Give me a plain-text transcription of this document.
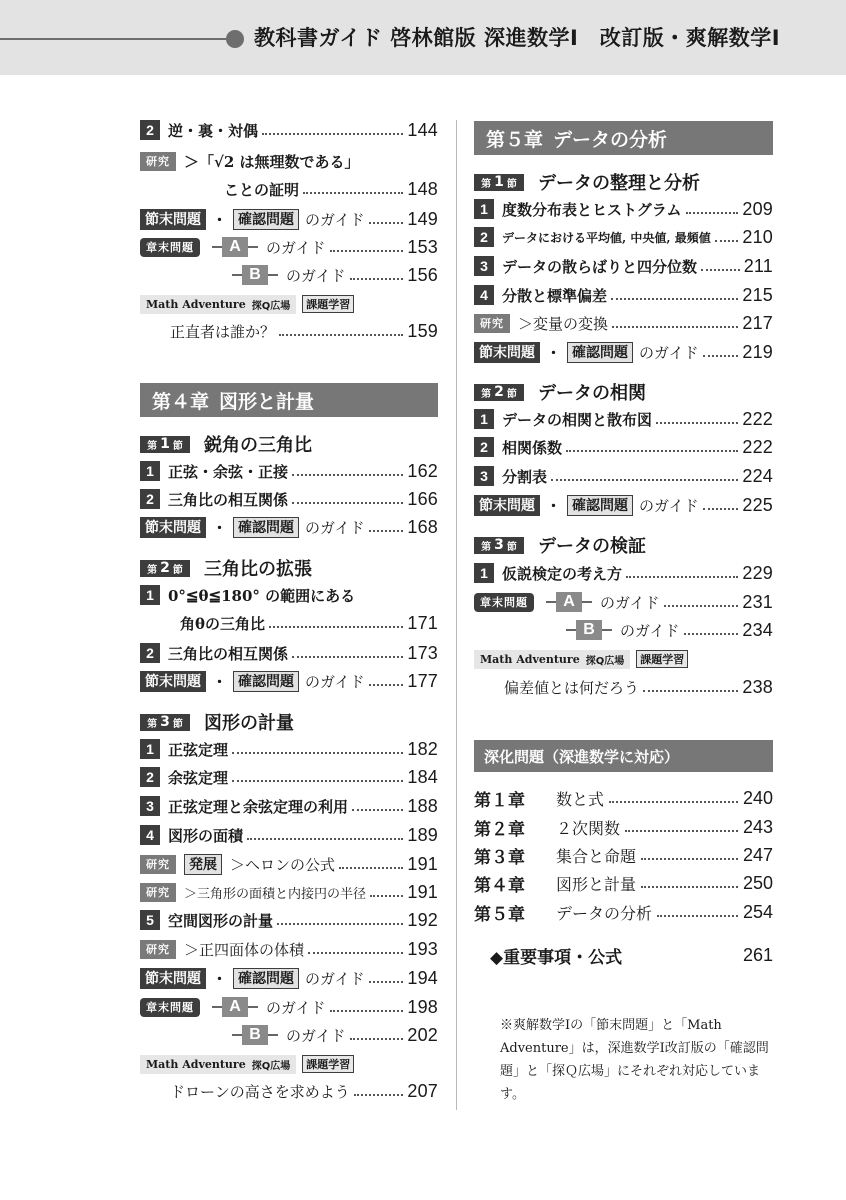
教科書ガイド 啓林館版 深進数学Ⅰ　改訂版・爽解数学Ⅰ
2 逆・裏・対偶	144
研究 ＞「√2 は無理数である」
ことの証明	148
節末問題 ・ 確認問題 のガイド 149
章末問題	A	のガイド	153
B	のガイド	156
Math Adventure 探Q広場	課題学習
正直者は誰か？	159
第４章 図形と計量
第 1 節 鋭角の三角比
1 正弦・余弦・正接	162
2 三角比の相互関係	166
節末問題 ・ 確認問題 のガイド 168
第 2 節 三角比の拡張
1 0°≦θ≦180° の範囲にある
角θの三角比	171
2 三角比の相互関係	173
節末問題 ・ 確認問題 のガイド 177
第 3 節 図形の計量
1 正弦定理	182
2 余弦定理	184
3 正弦定理と余弦定理の利用	188
4 図形の面積	189
研究	発展 ＞ヘロンの公式	191
研究	＞三角形の面積と内接円の半径 191
5 空間図形の計量	192
研究 ＞正四面体の体積	193
節末問題 ・ 確認問題 のガイド 194
章末問題	A	のガイド	198
B	のガイド	202
Math Adventure 探Q広場	課題学習
ドローンの高さを求めよう	207
第５章 データの分析
第 1 節 データの整理と分析
1 度数分布表とヒストグラム	209
2	データにおける平均値, 中央値, 最頻値 210
3 データの散らばりと四分位数	211
4 分散と標準偏差	215
研究 ＞変量の変換	217
節末問題 ・ 確認問題 のガイド 219
第 2 節 データの相関
1 データの相関と散布図	222
2 相関係数	222
3 分割表	224
節末問題 ・ 確認問題 のガイド 225
第 3 節 データの検証
1 仮説検定の考え方	229
章末問題	A	のガイド	231
B	のガイド	234
Math Adventure 探Q広場	課題学習
偏差値とは何だろう	238
深化問題（深進数学に対応）
第１章	数と式	240
第２章	２次関数	243
第３章	集合と命題	247
第４章	図形と計量	250
第５章	データの分析	254
◆重要事項・公式	261
※爽解数学Ⅰの「節末問題」と「Math Adventure」は，深進数学Ⅰ改訂版の「確認問題」と「探Ｑ広場」にそれぞれ対応しています。
